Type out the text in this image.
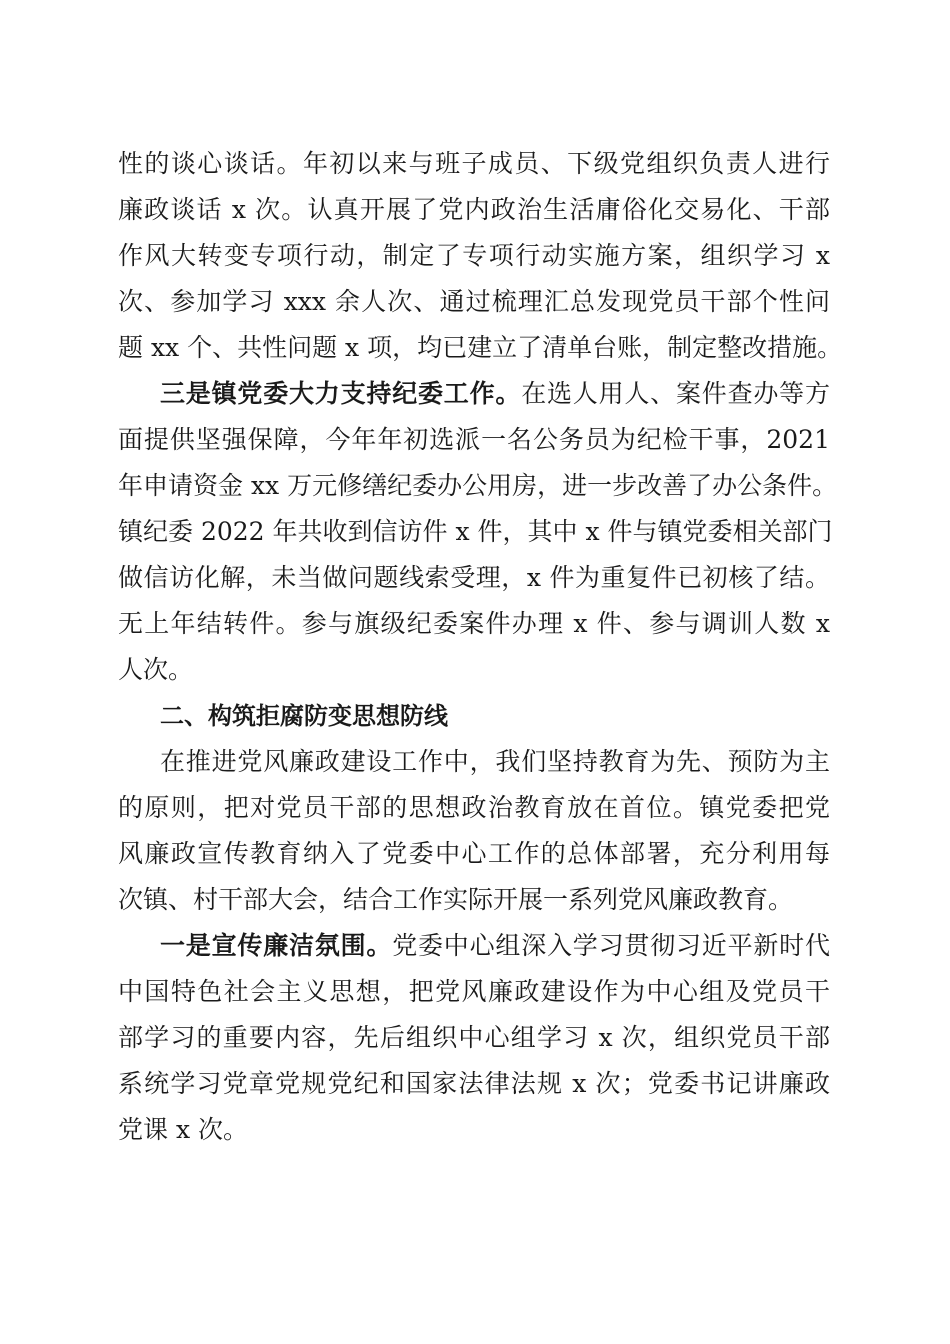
性的谈心谈话。年初以来与班子成员、下级党组织负责人进行
廉政谈话 x 次。认真开展了党内政治生活庸俗化交易化、干部
作风大转变专项行动，制定了专项行动实施方案，组织学习 x
次、参加学习 xxx 余人次、通过梳理汇总发现党员干部个性问
题 xx 个、共性问题 x 项，均已建立了清单台账，制定整改措施。
三是镇党委大力支持纪委工作。在选人用人、案件查办等方
面提供坚强保障，今年年初选派一名公务员为纪检干事，2021
年申请资金 xx 万元修缮纪委办公用房，进一步改善了办公条件。
镇纪委 2022 年共收到信访件 x 件，其中 x 件与镇党委相关部门
做信访化解，未当做问题线索受理，x 件为重复件已初核了结。
无上年结转件。参与旗级纪委案件办理 x 件、参与调训人数 x
人次。
二、构筑拒腐防变思想防线
在推进党风廉政建设工作中，我们坚持教育为先、预防为主
的原则，把对党员干部的思想政治教育放在首位。镇党委把党
风廉政宣传教育纳入了党委中心工作的总体部署，充分利用每
次镇、村干部大会，结合工作实际开展一系列党风廉政教育。
一是宣传廉洁氛围。党委中心组深入学习贯彻习近平新时代
中国特色社会主义思想，把党风廉政建设作为中心组及党员干
部学习的重要内容，先后组织中心组学习 x 次，组织党员干部
系统学习党章党规党纪和国家法律法规 x 次；党委书记讲廉政
党课 x 次。
